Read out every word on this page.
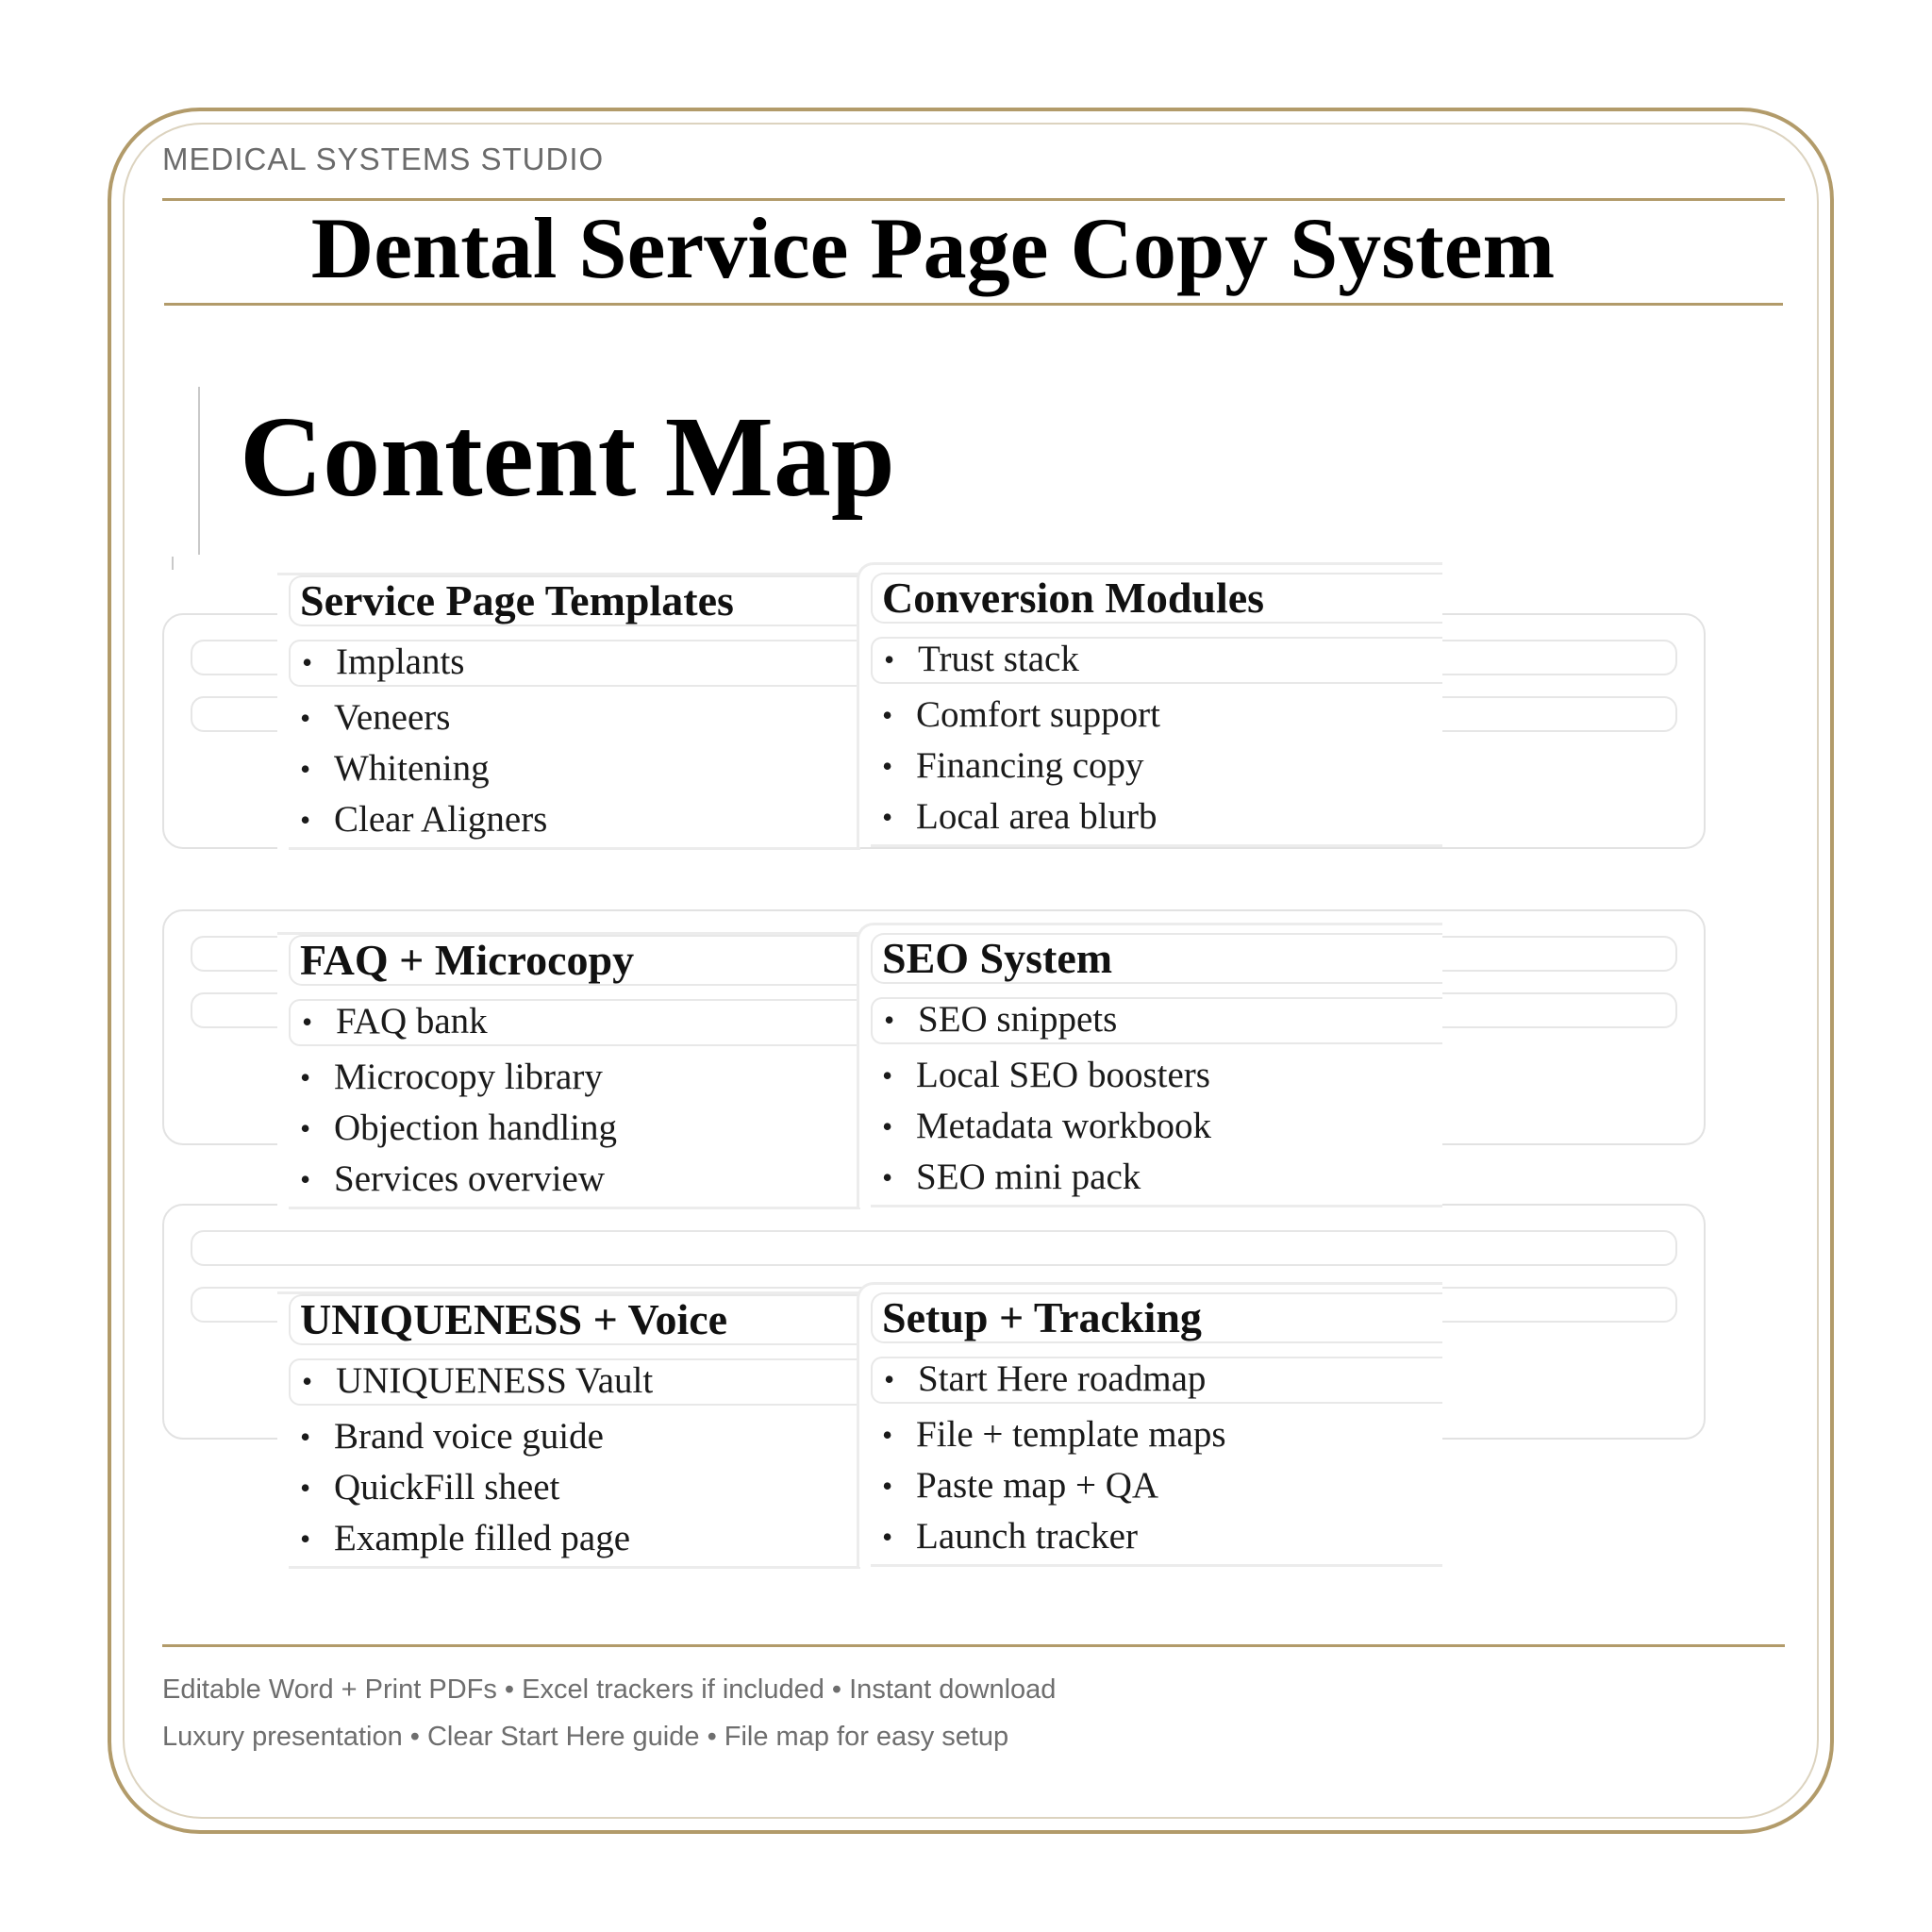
MEDICAL SYSTEMS STUDIO
Dental Service Page Copy System
Content Map
Service Page Templates
• Implants
• Veneers
• Whitening
• Clear Aligners
Conversion Modules
• Trust stack
• Comfort support
• Financing copy
• Local area blurb
FAQ + Microcopy
• FAQ bank
• Microcopy library
• Objection handling
• Services overview
SEO System
• SEO snippets
• Local SEO boosters
• Metadata workbook
• SEO mini pack
UNIQUENESS + Voice
• UNIQUENESS Vault
• Brand voice guide
• QuickFill sheet
• Example filled page
Setup + Tracking
• Start Here roadmap
• File + template maps
• Paste map + QA
• Launch tracker
Editable Word + Print PDFs • Excel trackers if included • Instant download
Luxury presentation • Clear Start Here guide • File map for easy setup
